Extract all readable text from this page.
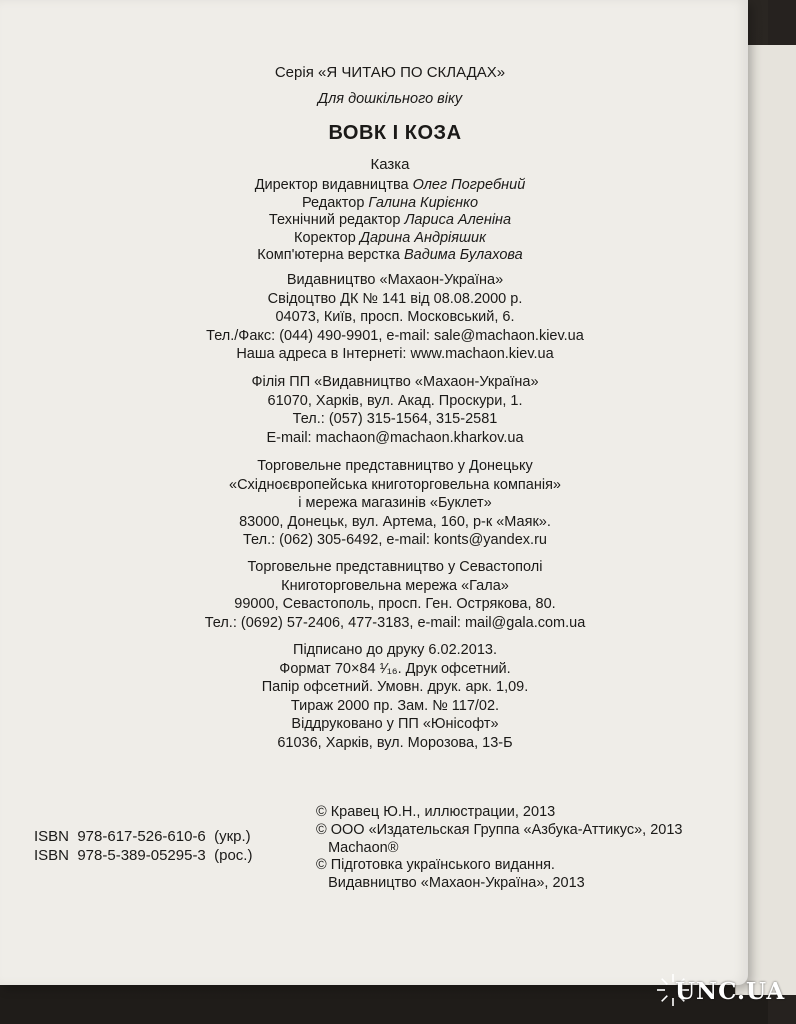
Серія «Я ЧИТАЮ ПО СКЛАДАХ»
Для дошкільного віку
ВОВК І КОЗА
Казка
Директор видавництва Олег Погребний
Редактор Галина Кирієнко
Технічний редактор Лариса Аленіна
Коректор Дарина Андріяшик
Комп'ютерна верстка Вадима Булахова
Видавництво «Махаон-Україна»
Свідоцтво ДК № 141 від 08.08.2000 р.
04073, Київ, просп. Московський, 6.
Тел./Факс: (044) 490-9901, e-mail: sale@machaon.kiev.ua
Наша адреса в Інтернеті: www.machaon.kiev.ua
Філія ПП «Видавництво «Махаон-Україна»
61070, Харків, вул. Акад. Проскури, 1.
Тел.: (057) 315-1564, 315-2581
E-mail: machaon@machaon.kharkov.ua
Торговельне представництво у Донецьку
«Східноєвропейська книготорговельна компанія»
і мережа магазинів «Буклет»
83000, Донецьк, вул. Артема, 160, р-к «Маяк».
Тел.: (062) 305-6492, e-mail: konts@yandex.ru
Торговельне представництво у Севастополі
Книготорговельна мережа «Гала»
99000, Севастополь, просп. Ген. Острякова, 80.
Тел.: (0692) 57-2406, 477-3183, e-mail: mail@gala.com.ua
Підписано до друку 6.02.2013.
Формат 70×84 ¹⁄₁₆. Друк офсетний.
Папір офсетний. Умовн. друк. арк. 1,09.
Тираж 2000 пр. Зам. № 117/02.
Віддруковано у ПП «Юнісофт»
61036, Харків, вул. Морозова, 13-Б
ISBN  978-617-526-610-6  (укр.)
ISBN  978-5-389-05295-3  (рос.)
© Кравец Ю.Н., иллюстрации, 2013
© ООО «Издательская Группа «Азбука-Аттикус», 2013
Machaon®
© Підготовка українського видання.
Видавництво «Махаон-Україна», 2013
UNC.UA
